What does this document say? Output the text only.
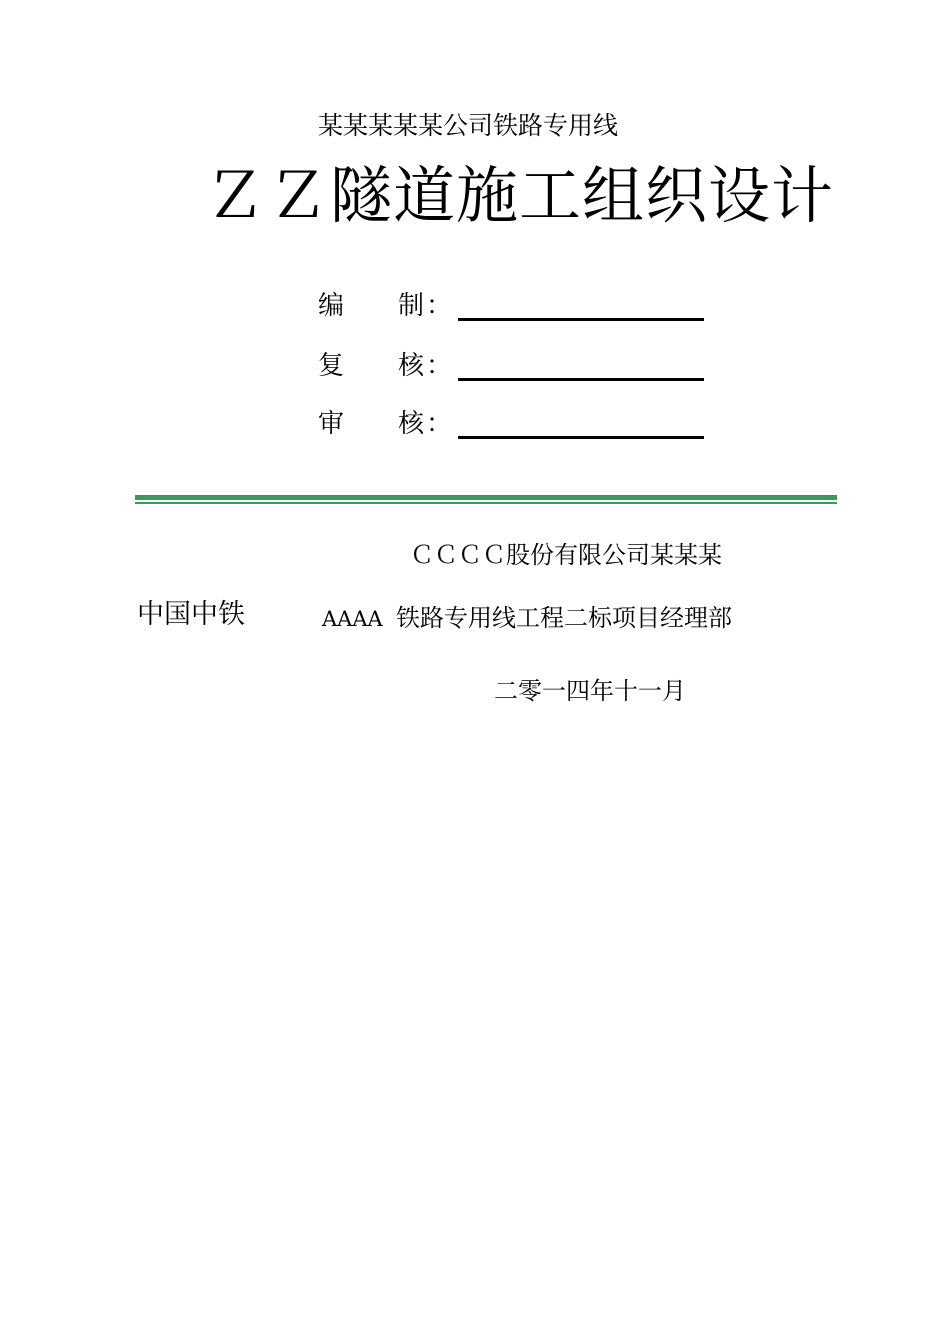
某某某某某公司铁路专用线
ＺＺ隧道施工组织设计
编 制 ：
复 核 ：
审 核 ：
ＣＣＣＣ股份有限公司某某某
中国中铁	AAAA 铁路专用线工程二标项目经理部
二零一四年十一月
